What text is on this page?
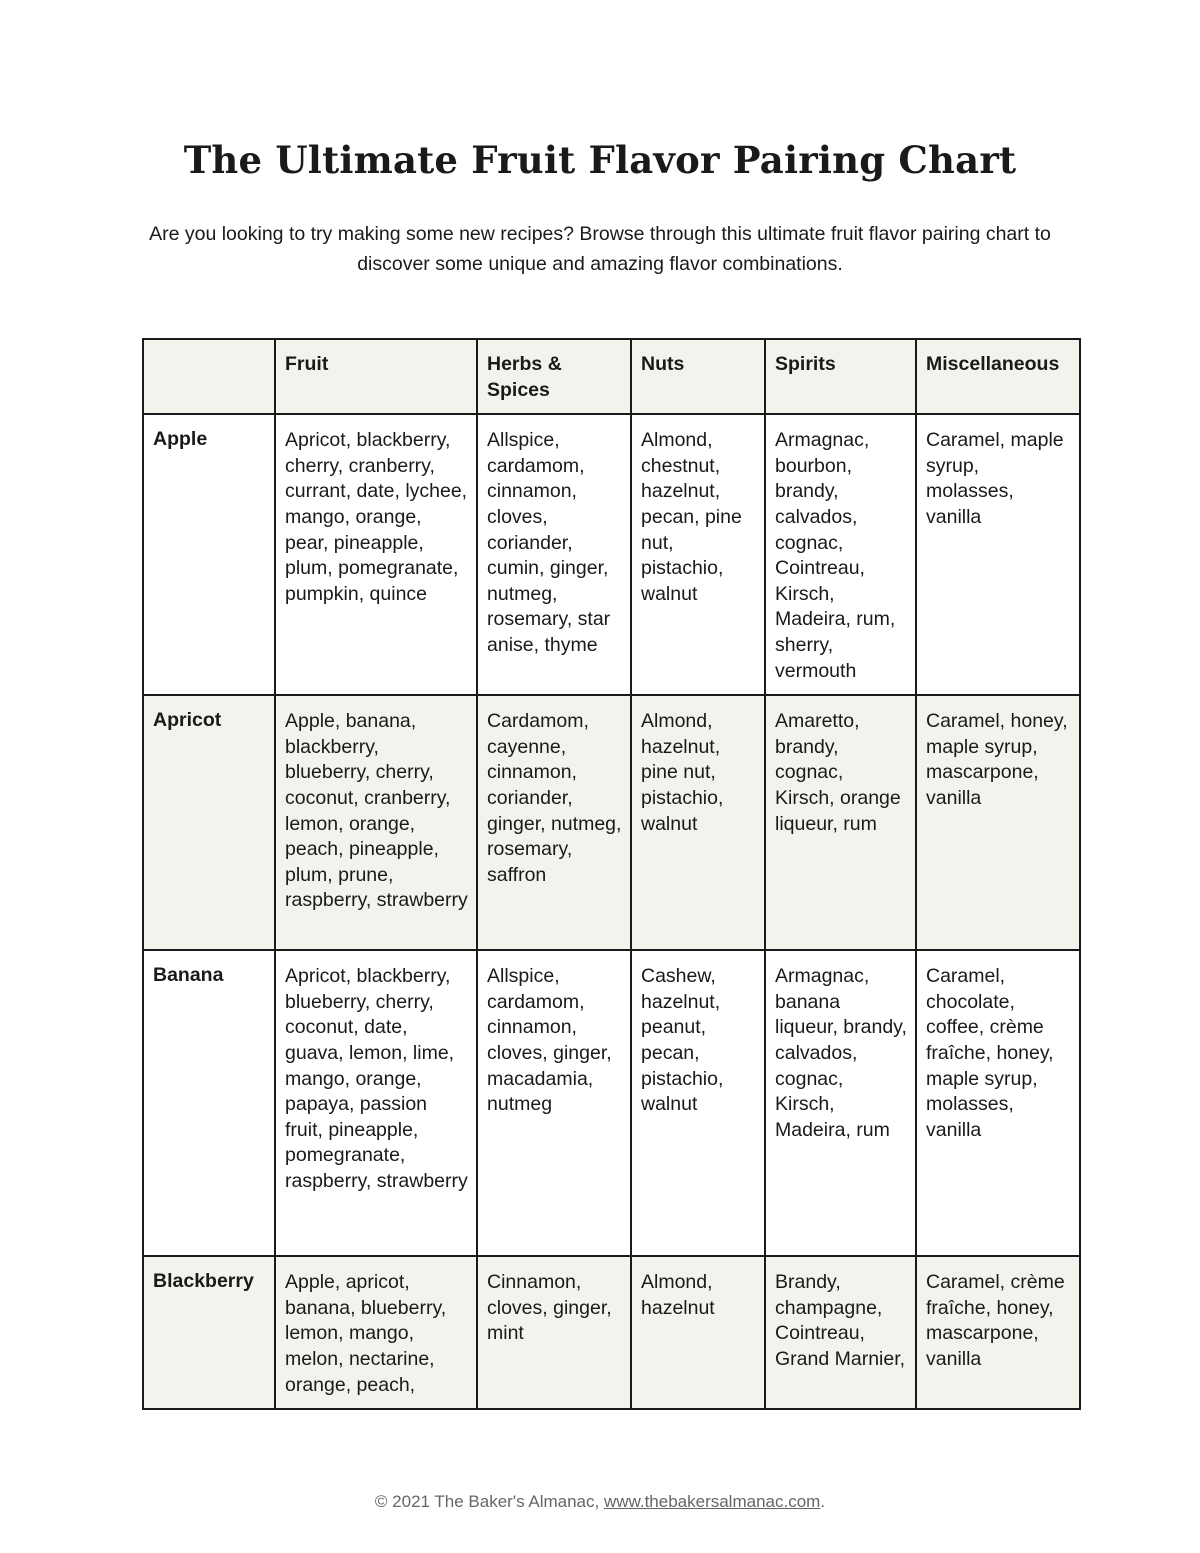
The Ultimate Fruit Flavor Pairing Chart

Are you looking to try making some new recipes? Browse through this ultimate fruit flavor pairing chart to discover some unique and amazing flavor combinations.

	Fruit	Herbs & Spices	Nuts	Spirits	Miscellaneous
Apple	Apricot, blackberry, cherry, cranberry, currant, date, lychee, mango, orange, pear, pineapple, plum, pomegranate, pumpkin, quince	Allspice, cardamom, cinnamon, cloves, coriander, cumin, ginger, nutmeg, rosemary, star anise, thyme	Almond, chestnut, hazelnut, pecan, pine nut, pistachio, walnut	Armagnac, bourbon, brandy, calvados, cognac, Cointreau, Kirsch, Madeira, rum, sherry, vermouth	Caramel, maple syrup, molasses, vanilla
Apricot	Apple, banana, blackberry, blueberry, cherry, coconut, cranberry, lemon, orange, peach, pineapple, plum, prune, raspberry, strawberry	Cardamom, cayenne, cinnamon, coriander, ginger, nutmeg, rosemary, saffron	Almond, hazelnut, pine nut, pistachio, walnut	Amaretto, brandy, cognac, Kirsch, orange liqueur, rum	Caramel, honey, maple syrup, mascarpone, vanilla
Banana	Apricot, blackberry, blueberry, cherry, coconut, date, guava, lemon, lime, mango, orange, papaya, passion fruit, pineapple, pomegranate, raspberry, strawberry	Allspice, cardamom, cinnamon, cloves, ginger, macadamia, nutmeg	Cashew, hazelnut, peanut, pecan, pistachio, walnut	Armagnac, banana liqueur, brandy, calvados, cognac, Kirsch, Madeira, rum	Caramel, chocolate, coffee, crème fraîche, honey, maple syrup, molasses, vanilla
Blackberry	Apple, apricot, banana, blueberry, lemon, mango, melon, nectarine, orange, peach,	Cinnamon, cloves, ginger, mint	Almond, hazelnut	Brandy, champagne, Cointreau, Grand Marnier,	Caramel, crème fraîche, honey, mascarpone, vanilla

© 2021 The Baker's Almanac, www.thebakersalmanac.com.
